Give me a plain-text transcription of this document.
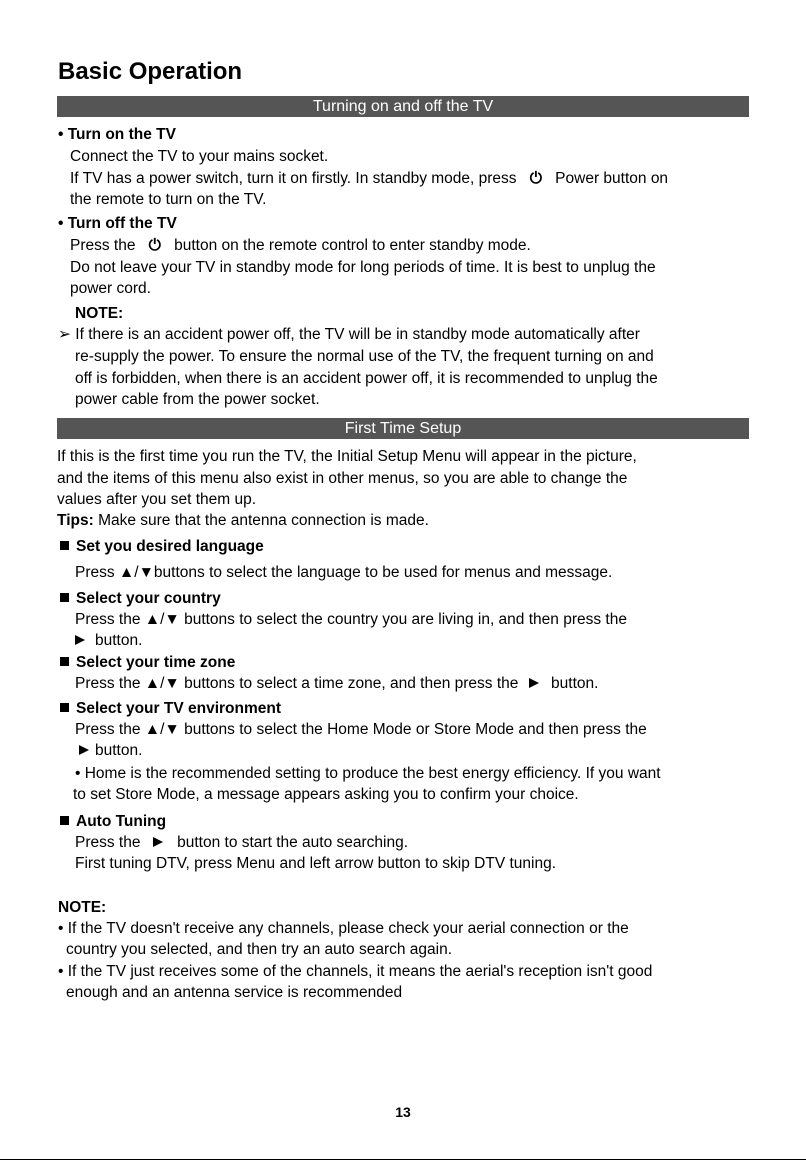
Basic Operation
Turning on and off the TV
• Turn on the TV
Connect the TV to your mains socket.
If TV has a power switch, turn it on firstly. In standby mode, press ⏻ Power button on
the remote to turn on the TV.
• Turn off the TV
Press the ⏻ button on the remote control to enter standby mode.
Do not leave your TV in standby mode for long periods of time. It is best to unplug the
power cord.
NOTE:
➢ If there is an accident power off, the TV will be in standby mode automatically after
re-supply the power. To ensure the normal use of the TV, the frequent turning on and
off is forbidden, when there is an accident power off, it is recommended to unplug the
power cable from the power socket.
First Time Setup
If this is the first time you run the TV, the Initial Setup Menu will appear in the picture,
and the items of this menu also exist in other menus, so you are able to change the
values after you set them up.
Tips: Make sure that the antenna connection is made.
Set you desired language
Press ▲/▼buttons to select the language to be used for menus and message.
Select your country
Press the ▲/▼ buttons to select the country you are living in, and then press the
button.
Select your time zone
Press the ▲/▼ buttons to select a time zone, and then press the button.
Select your TV environment
Press the ▲/▼ buttons to select the Home Mode or Store Mode and then press the
button.
• Home is the recommended setting to produce the best energy efficiency. If you want
to set Store Mode, a message appears asking you to confirm your choice.
Auto Tuning
Press the button to start the auto searching.
First tuning DTV, press Menu and left arrow button to skip DTV tuning.
NOTE:
• If the TV doesn't receive any channels, please check your aerial connection or the
country you selected, and then try an auto search again.
• If the TV just receives some of the channels, it means the aerial's reception isn't good
enough and an antenna service is recommended
13
